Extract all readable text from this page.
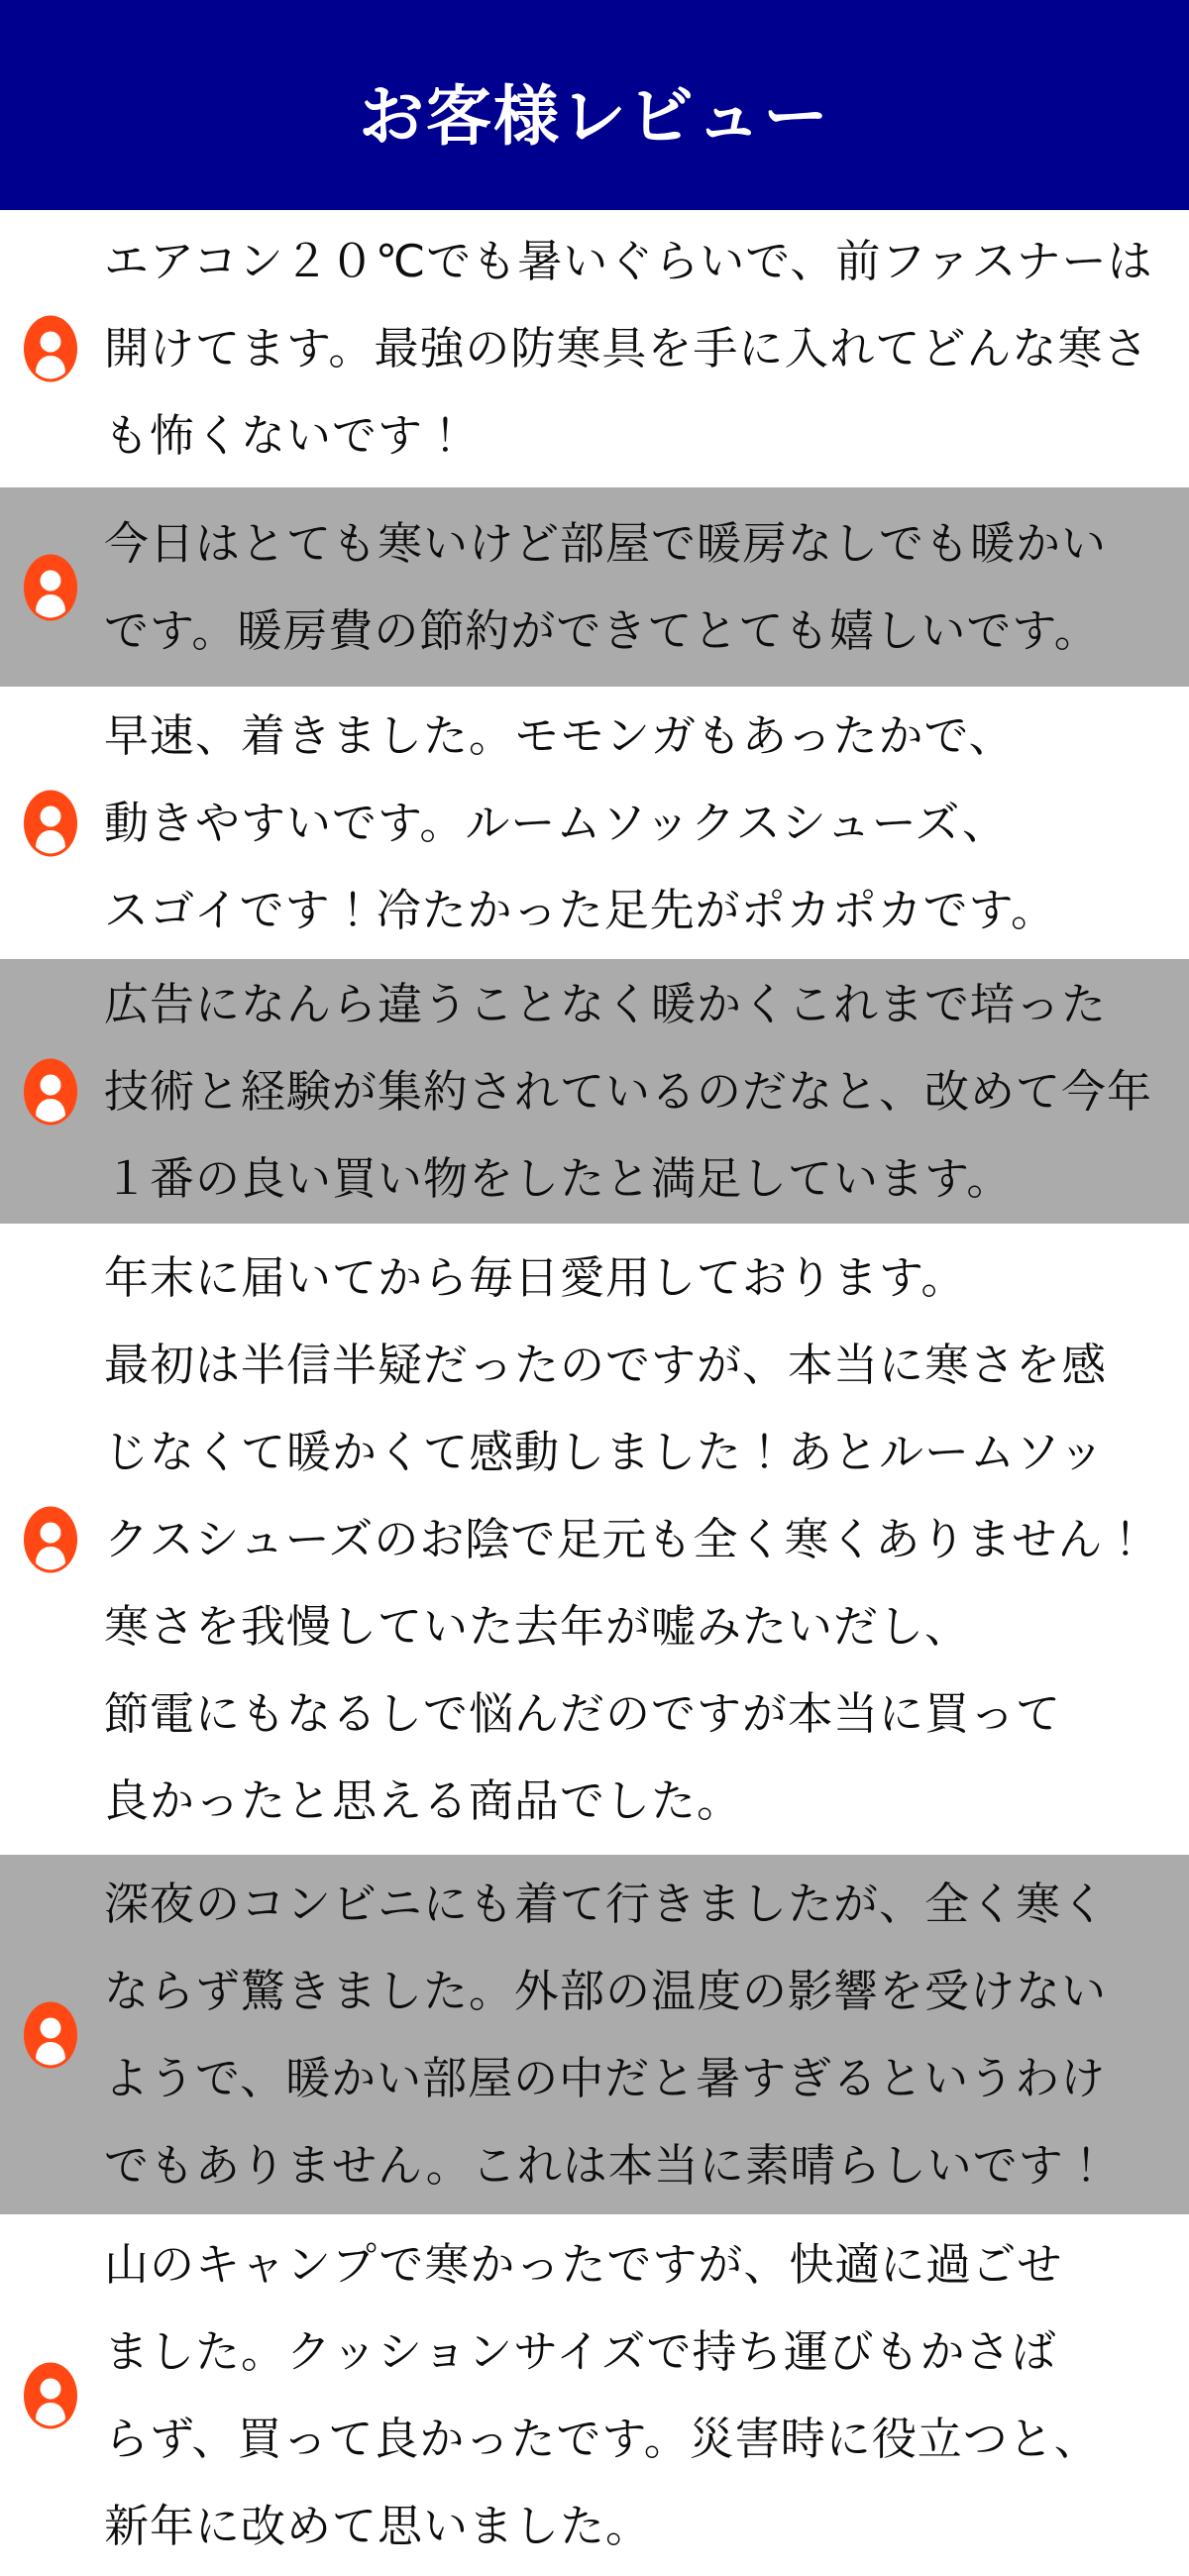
お客様レビュー
エアコン２０℃でも暑いぐらいで、前ファスナーは
開けてます。最強の防寒具を手に入れてどんな寒さ
も怖くないです！
今日はとても寒いけど部屋で暖房なしでも暖かい
です。暖房費の節約ができてとても嬉しいです。
早速、着きました。モモンガもあったかで、
動きやすいです。ルームソックスシューズ、
スゴイです！冷たかった足先がポカポカです。
広告になんら違うことなく暖かくこれまで培った
技術と経験が集約されているのだなと、改めて今年
１番の良い買い物をしたと満足しています。
年末に届いてから毎日愛用しております。
最初は半信半疑だったのですが、本当に寒さを感
じなくて暖かくて感動しました！あとルームソッ
クスシューズのお陰で足元も全く寒くありません！
寒さを我慢していた去年が嘘みたいだし、
節電にもなるしで悩んだのですが本当に買って
良かったと思える商品でした。
深夜のコンビニにも着て行きましたが、全く寒く
ならず驚きました。外部の温度の影響を受けない
ようで、暖かい部屋の中だと暑すぎるというわけ
でもありません。これは本当に素晴らしいです！
山のキャンプで寒かったですが、快適に過ごせ
ました。クッションサイズで持ち運びもかさば
らず、買って良かったです。災害時に役立つと、
新年に改めて思いました。
